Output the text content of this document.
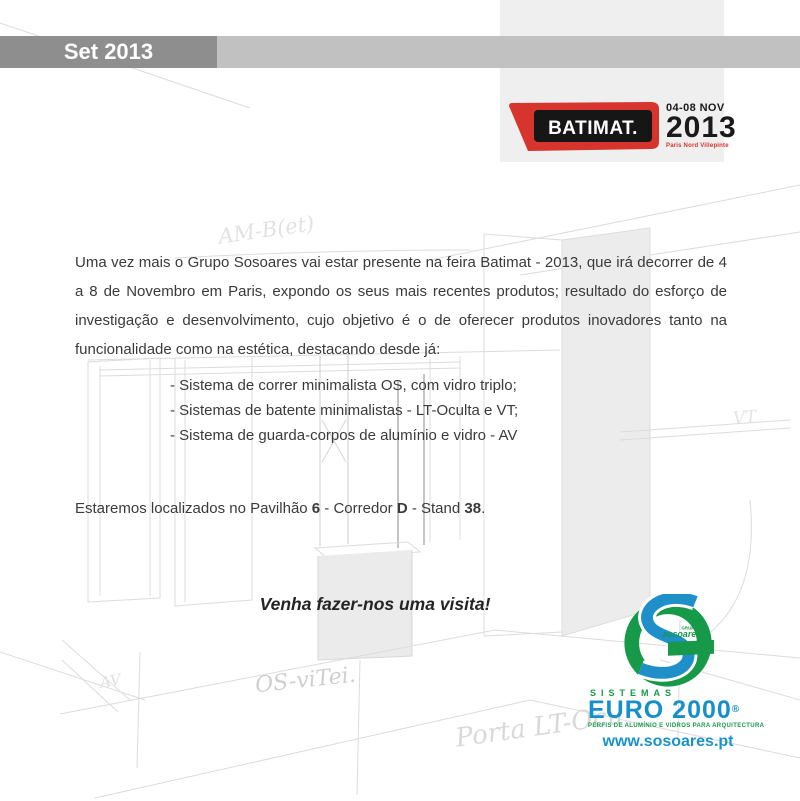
AM-B(et)
VT
AV	OS-viTei.
Porta LT-Ocu
Set 2013
BATIMAT.
04-08 NOV
2013
Paris Nord Villepinte
Uma vez mais o Grupo Sosoares vai estar presente na feira Batimat - 2013, que irá decorrer de 4 a 8 de Novembro em Paris, expondo os seus mais recentes produtos; resultado do esforço de investigação e desenvolvimento, cujo objetivo é o de oferecer produtos inovadores tanto na funcionalidade como na estética, destacando desde já:
- Sistema de correr minimalista OS, com vidro triplo;
- Sistemas de batente minimalistas - LT-Oculta e VT;
- Sistema de guarda-corpos de alumínio e vidro - AV
Estaremos localizados no Pavilhão 6 - Corredor D - Stand 38.
Venha fazer-nos uma visita!
GRUPO
sosoares
SISTEMAS
EURO 2000®
PERFIS DE ALUMÍNIO E VIDROS PARA ARQUITECTURA
www.sosoares.pt
